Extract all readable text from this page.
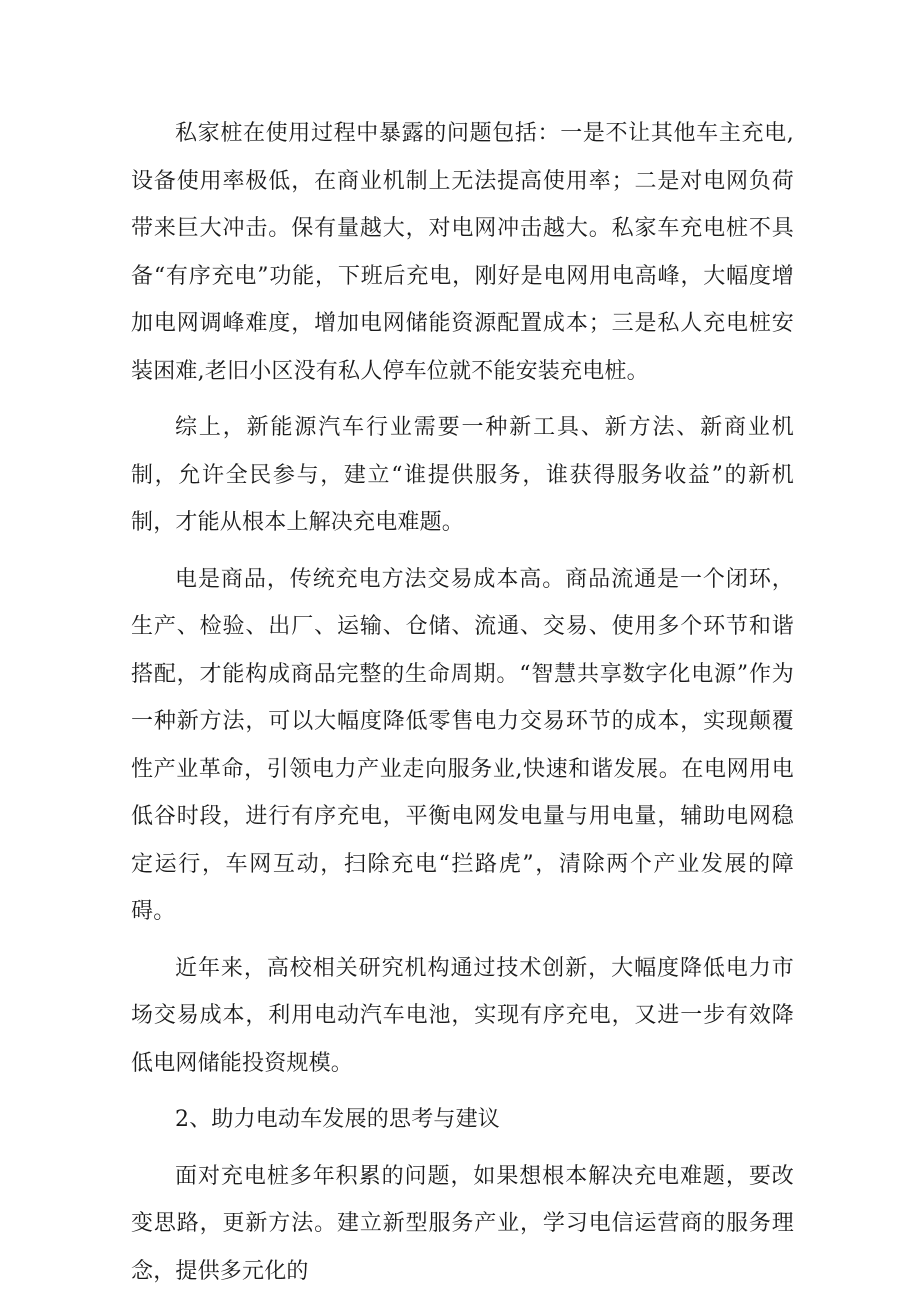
私家桩在使用过程中暴露的问题包括：一是不让其他车主充电,设备使用率极低，在商业机制上无法提高使用率；二是对电网负荷带来巨大冲击。保有量越大，对电网冲击越大。私家车充电桩不具备“有序充电”功能，下班后充电，刚好是电网用电高峰，大幅度增加电网调峰难度，增加电网储能资源配置成本；三是私人充电桩安装困难,老旧小区没有私人停车位就不能安装充电桩。

综上，新能源汽车行业需要一种新工具、新方法、新商业机制，允许全民参与，建立“谁提供服务，谁获得服务收益”的新机制，才能从根本上解决充电难题。

电是商品，传统充电方法交易成本高。商品流通是一个闭环，生产、检验、出厂、运输、仓储、流通、交易、使用多个环节和谐搭配，才能构成商品完整的生命周期。“智慧共享数字化电源”作为一种新方法，可以大幅度降低零售电力交易环节的成本，实现颠覆性产业革命，引领电力产业走向服务业,快速和谐发展。在电网用电低谷时段，进行有序充电，平衡电网发电量与用电量，辅助电网稳定运行，车网互动，扫除充电“拦路虎”，清除两个产业发展的障碍。

近年来，高校相关研究机构通过技术创新，大幅度降低电力市场交易成本，利用电动汽车电池，实现有序充电，又进一步有效降低电网储能投资规模。

2、助力电动车发展的思考与建议

面对充电桩多年积累的问题，如果想根本解决充电难题，要改变思路，更新方法。建立新型服务产业，学习电信运营商的服务理念，提供多元化的
